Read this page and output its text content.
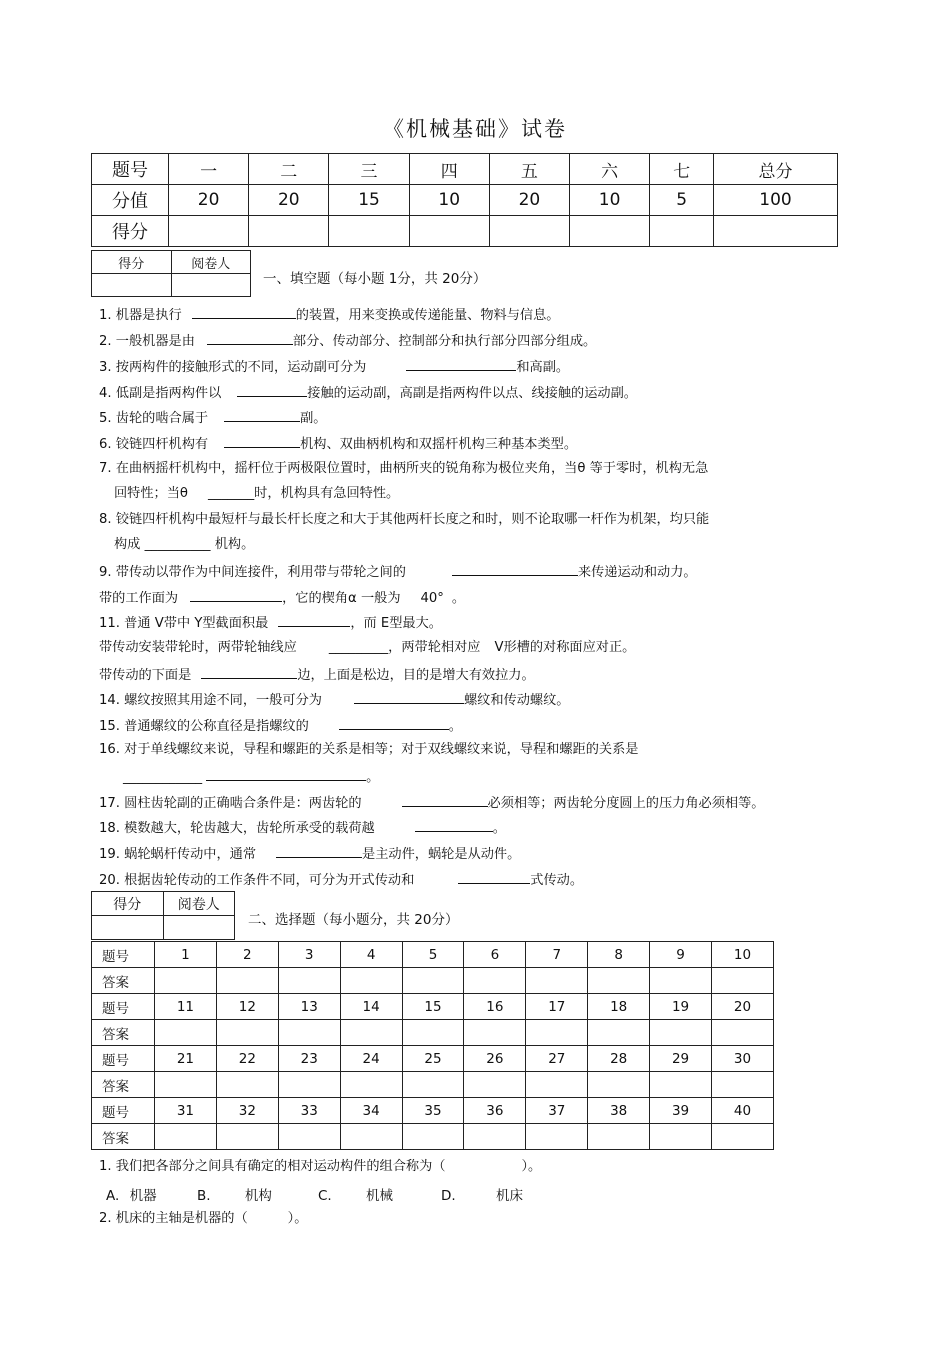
《机械基础》试卷
题号	一	二	三	四	五	六	七	总分
分值	20	20	15	10	20	10	5	100
得分								
得分	阅卷人

一、填空题（每小题 1分，共 20分）
1. 机器是执行	的装置，用来变换或传递能量、物料与信息。
2. 一般机器是由	部分、传动部分、控制部分和执行部分四部分组成。
3. 按两构件的接触形式的不同，运动副可分为	和高副。
4. 低副是指两构件以	接触的运动副，高副是指两构件以点、线接触的运动副。
5. 齿轮的啮合属于	副。
6. 铰链四杆机构有	机构、双曲柄机构和双摇杆机构三种基本类型。
7. 在曲柄摇杆机构中，摇杆位于两极限位置时，曲柄所夹的锐角称为极位夹角，当θ 等于零时，机构无急
回特性；当θ _______时，机构具有急回特性。
8. 铰链四杆机构中最短杆与最长杆长度之和大于其他两杆长度之和时，则不论取哪一杆作为机架，均只能
构成 __________ 机构。
9. 带传动以带作为中间连接件，利用带与带轮之间的	来传递运动和动力。
带的工作面为	，它的楔角α 一般为 40° 。
11. 普通 V带中 Y型截面积最	，而 E型最大。
带传动安装带轮时，两带轮轴线应 _________，两带轮相对应 V形槽的对称面应对正。
带传动的下面是	边，上面是松边，目的是增大有效拉力。
14. 螺纹按照其用途不同，一般可分为	螺纹和传动螺纹。
15. 普通螺纹的公称直径是指螺纹的	。
16. 对于单线螺纹来说，导程和螺距的关系是相等；对于双线螺纹来说，导程和螺距的关系是
____________	。
17. 圆柱齿轮副的正确啮合条件是：两齿轮的	必须相等；两齿轮分度圆上的压力角必须相等。
18. 模数越大，轮齿越大，齿轮所承受的载荷越	。
19. 蜗轮蜗杆传动中，通常	是主动件，蜗轮是从动件。
20. 根据齿轮传动的工作条件不同，可分为开式传动和	式传动。
得分	阅卷人

二、选择题（每小题分，共 20分）
题号	1	2	3	4	5	6	7	8	9	10
答案										
题号	11	12	13	14	15	16	17	18	19	20
答案										
题号	21	22	23	24	25	26	27	28	29	30
答案										
题号	31	32	33	34	35	36	37	38	39	40
答案										
1. 我们把各部分之间具有确定的相对运动构件的组合称为（	）。
A. 机器	B.	机构	C.	机械	D.	机床
2. 机床的主轴是机器的（	）。
